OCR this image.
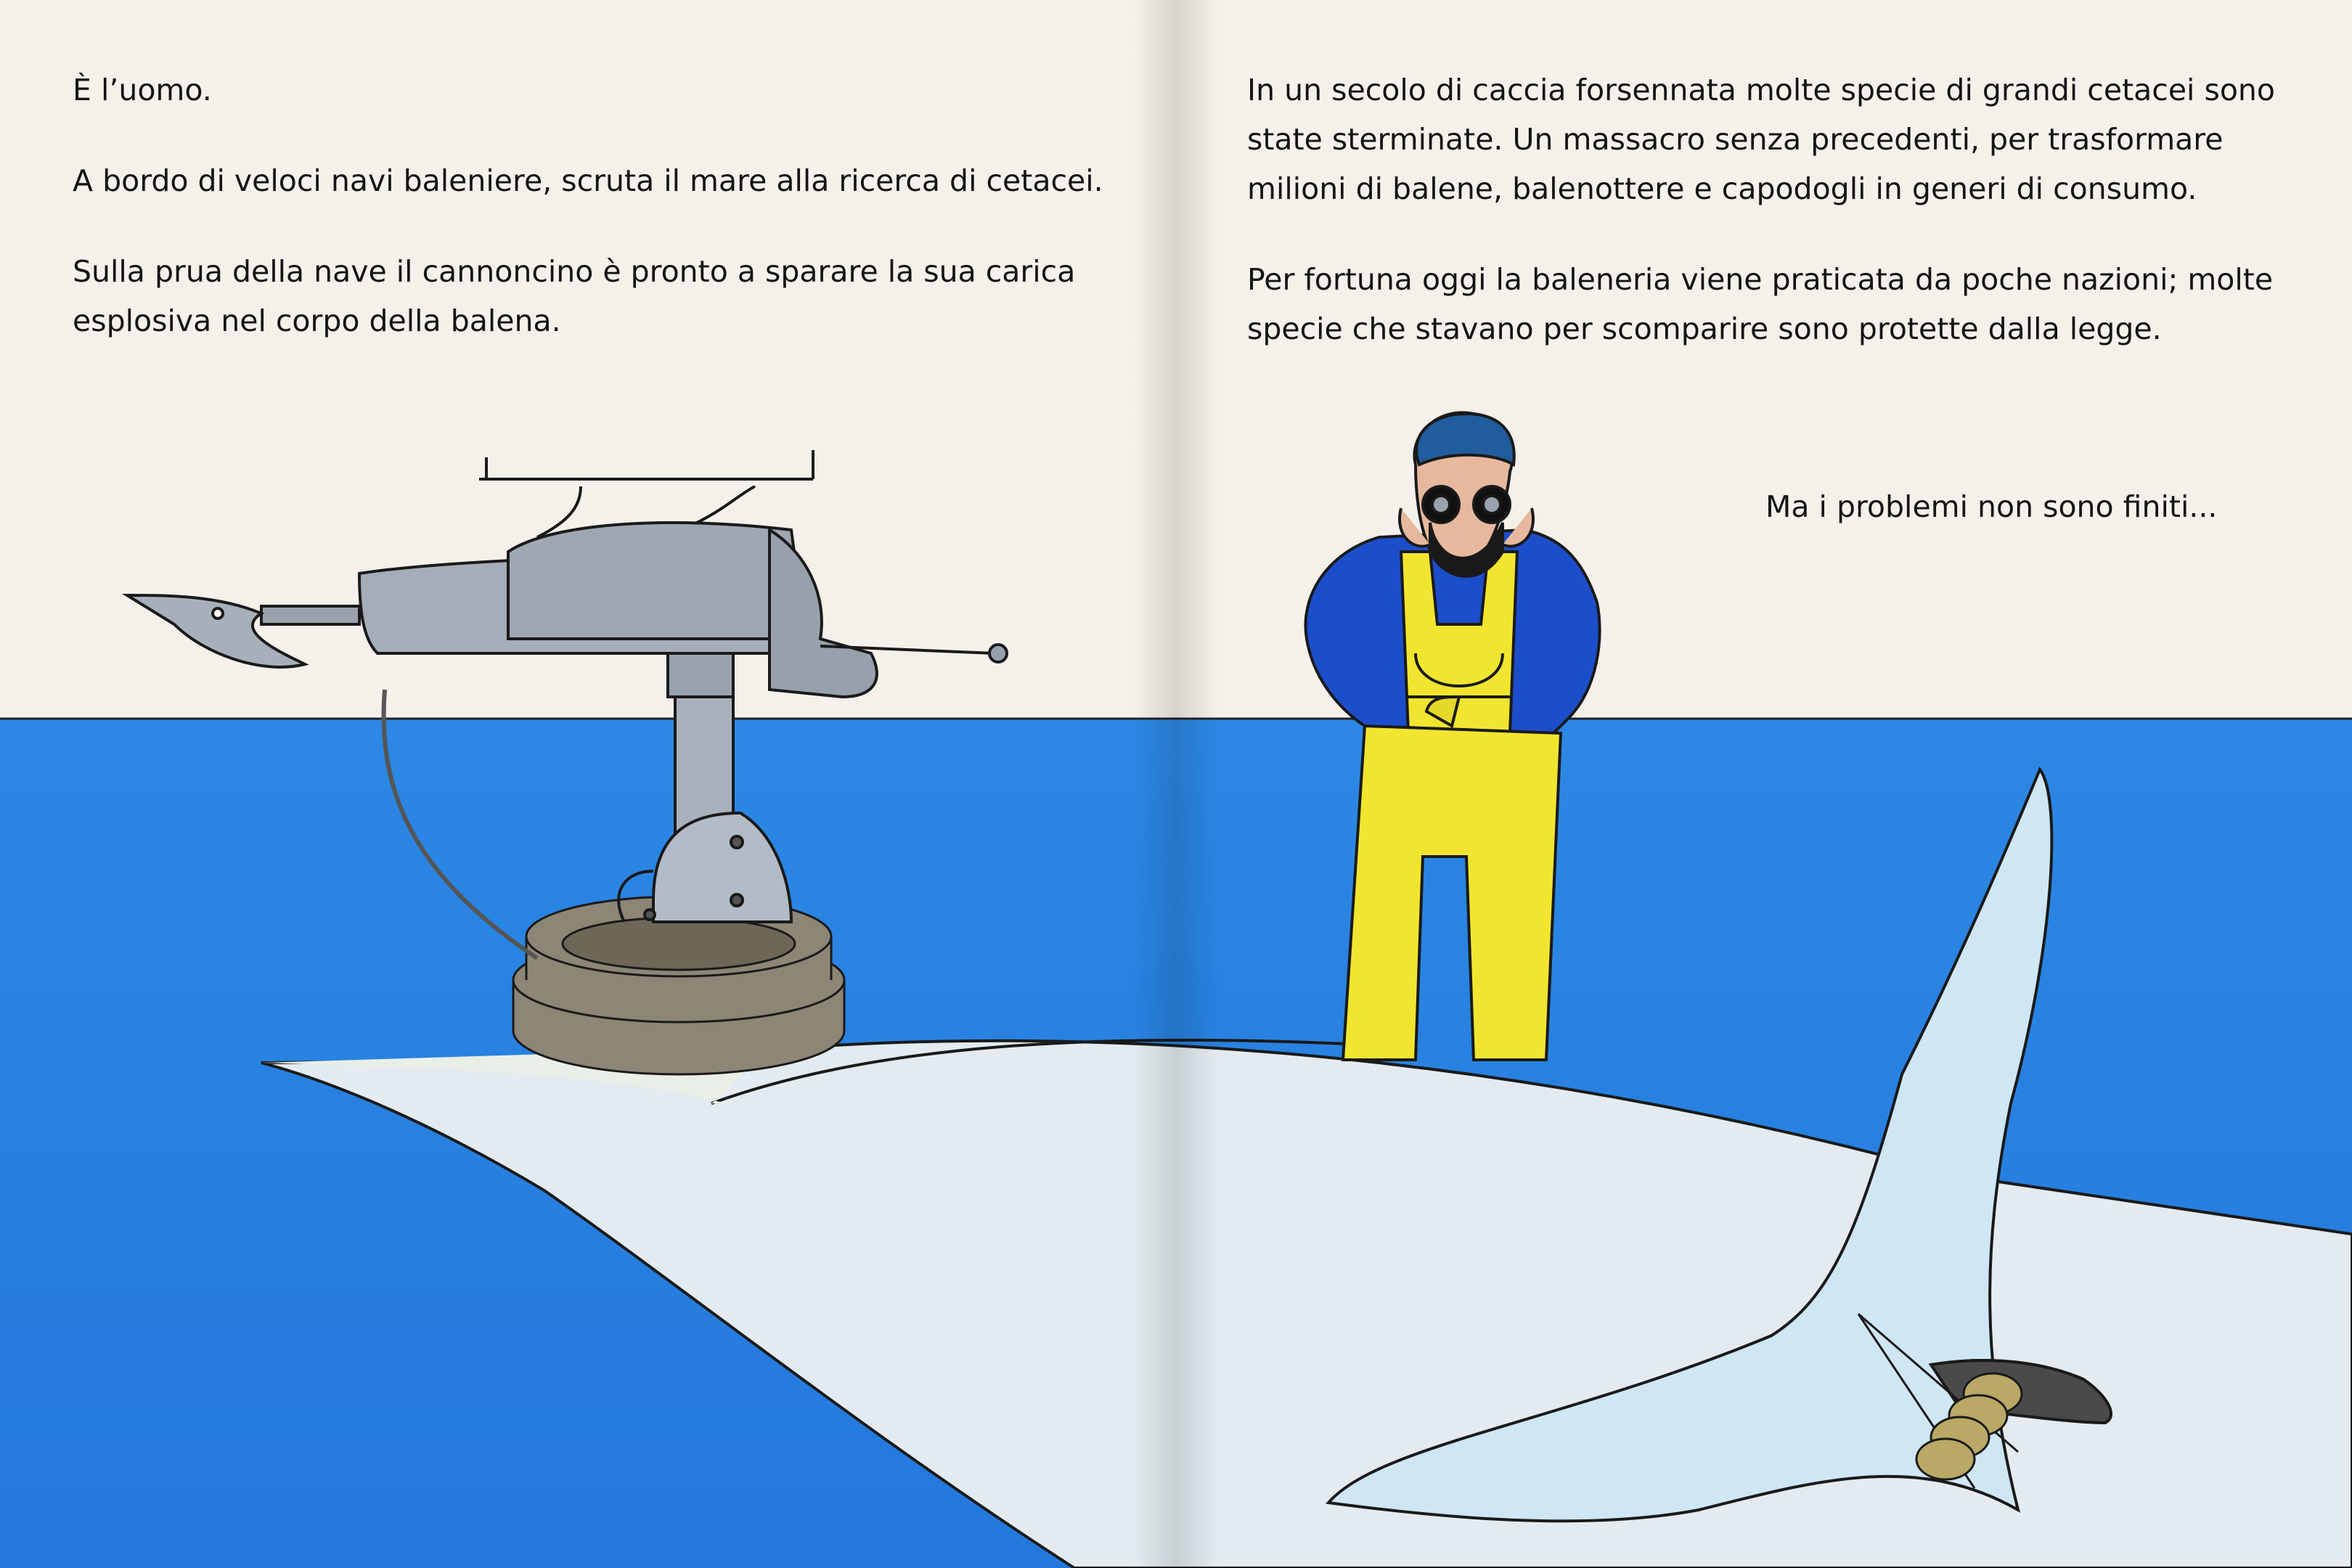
È l’uomo.

A bordo di veloci navi baleniere, scruta il mare alla ricerca di cetacei.

Sulla prua della nave il cannoncino è pronto a sparare la sua carica esplosiva nel corpo della balena.

In un secolo di caccia forsennata molte specie di grandi cetacei sono state sterminate. Un massacro senza precedenti, per trasformare milioni di balene, balenottere e capodogli in generi di consumo.

Per fortuna oggi la baleneria viene praticata da poche nazioni; molte specie che stavano per scomparire sono protette dalla legge.

Ma i problemi non sono finiti...
